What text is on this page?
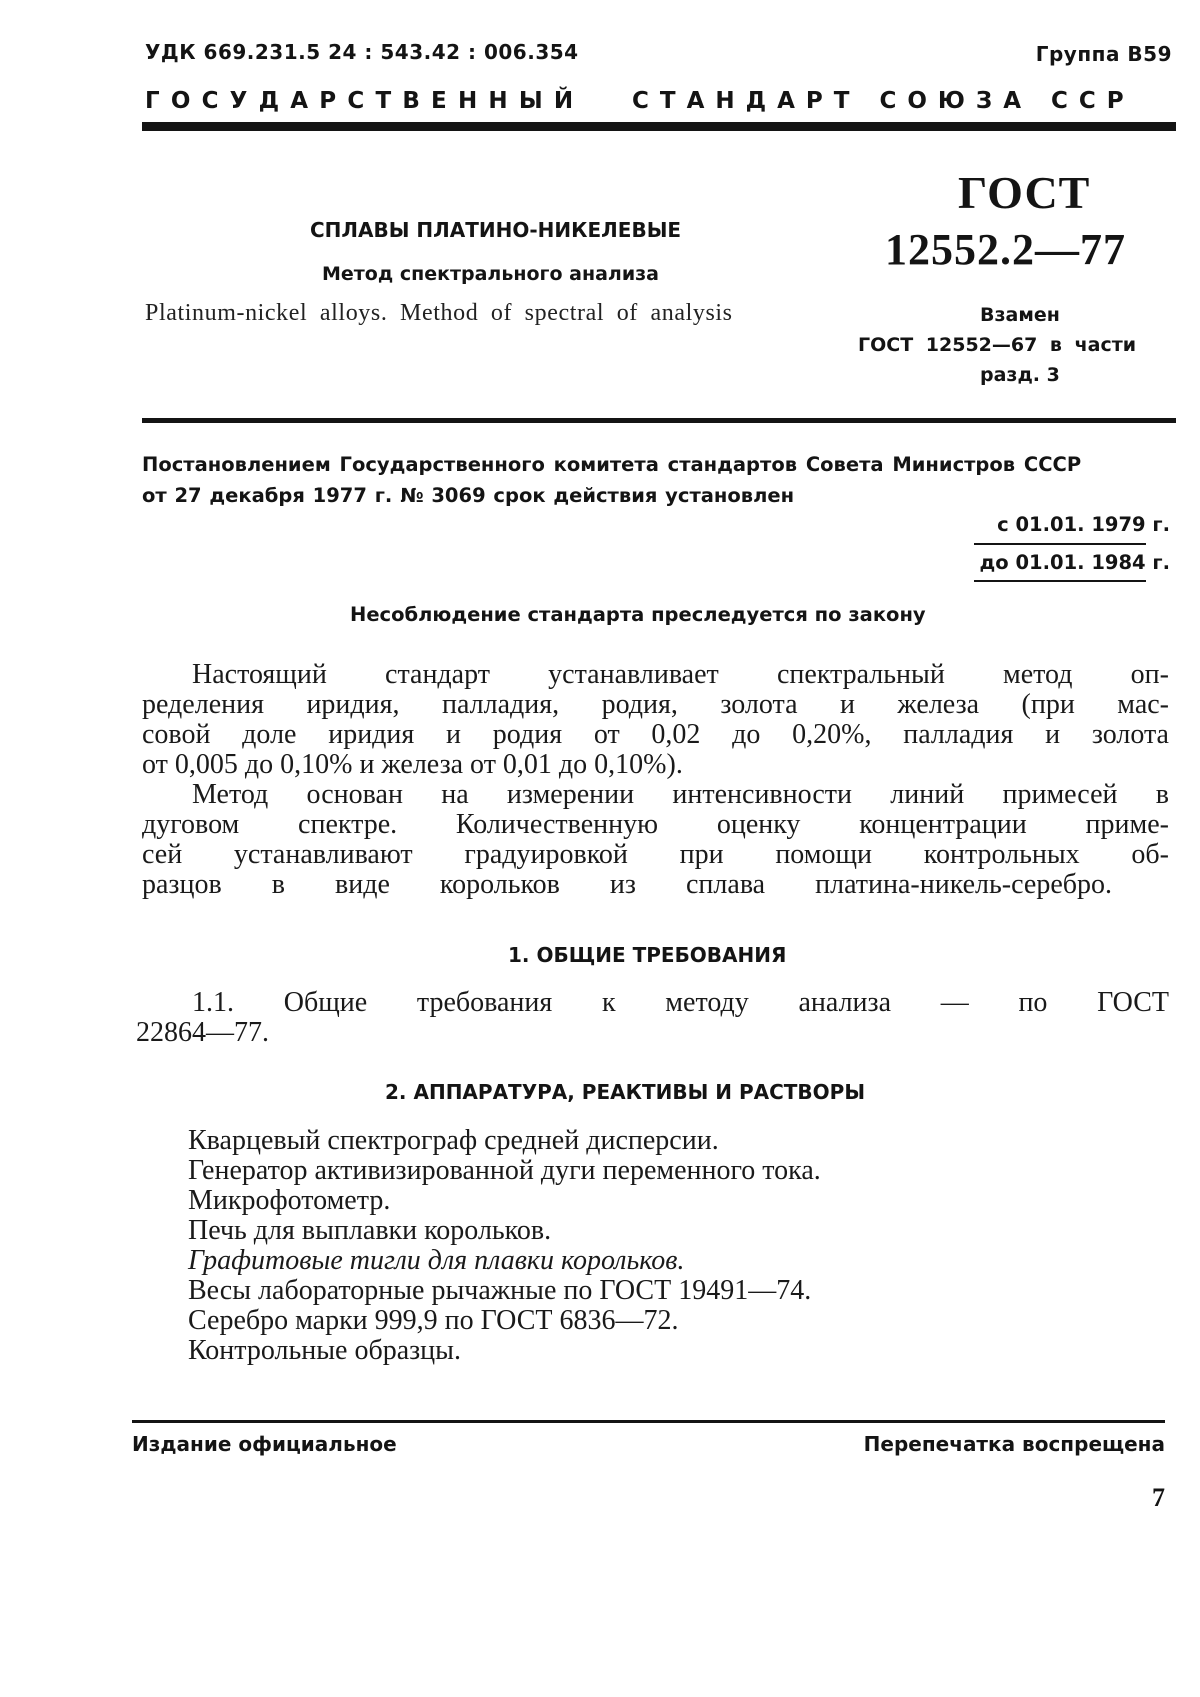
УДК 669.231.5 24 : 543.42 : 006.354	Группа В59

ГОСУДАРСТВЕННЫЙ СТАНДАРТ СОЮЗА ССР

СПЛАВЫ ПЛАТИНО-НИКЕЛЕВЫЕ

Метод спектрального анализа

Platinum-nickel alloys. Method of spectral of analysis

ГОСТ

12552.2—77

Взамен

ГОСТ 12552—67 в части

разд. 3

Постановлением Государственного комитета стандартов Совета Министров СССР

от 27 декабря 1977 г. № 3069 срок действия установлен

с 01.01. 1979 г.

до 01.01. 1984 г.

Несоблюдение стандарта преследуется по закону

Настоящий стандарт устанавливает спектральный метод оп-

ределения иридия, палладия, родия, золота и железа (при мас-

совой доле иридия и родия от 0,02 до 0,20%, палладия и золота

от 0,005 до 0,10% и железа от 0,01 до 0,10%).

Метод основан на измерении интенсивности линий примесей в

дуговом спектре. Количественную оценку концентрации приме-

сей устанавливают градуировкой при помощи контрольных об-

разцов в виде корольков из сплава платина-никель-серебро.

1. ОБЩИЕ ТРЕБОВАНИЯ

1.1. Общие требования к методу анализа — по ГОСТ

22864—77.

2. АППАРАТУРА, РЕАКТИВЫ И РАСТВОРЫ

Кварцевый спектрограф средней дисперсии.

Генератор активизированной дуги переменного тока.

Микрофотометр.

Печь для выплавки корольков.

Графитовые тигли для плавки корольков.

Весы лабораторные рычажные по ГОСТ 19491—74.

Серебро марки 999,9 по ГОСТ 6836—72.

Контрольные образцы.

Издание официальное	Перепечатка воспрещена

7
